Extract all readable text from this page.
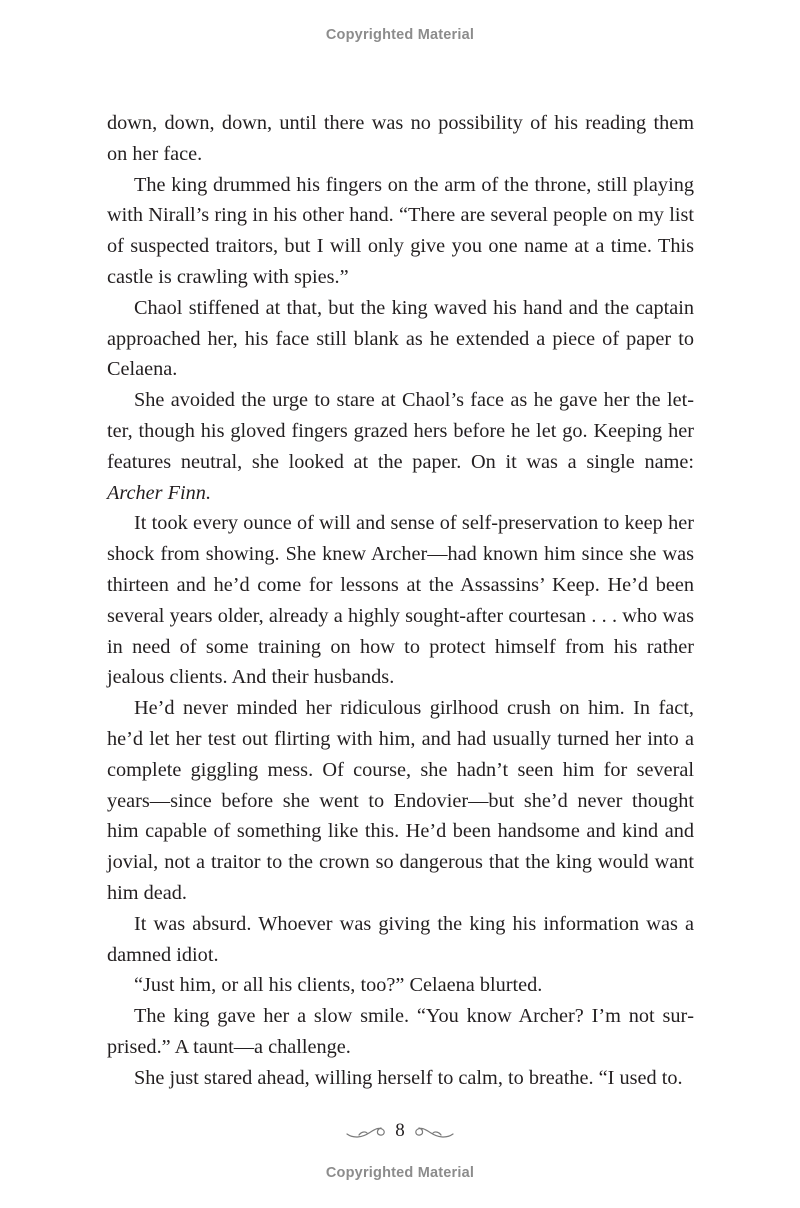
Copyrighted Material

down, down, down, until there was no possibility of his reading them on her face.

The king drummed his fingers on the arm of the throne, still playing with Nirall’s ring in his other hand. “There are several people on my list of suspected traitors, but I will only give you one name at a time. This castle is crawling with spies.”

Chaol stiffened at that, but the king waved his hand and the captain approached her, his face still blank as he extended a piece of paper to Celaena.

She avoided the urge to stare at Chaol’s face as he gave her the letter, though his gloved fingers grazed hers before he let go. Keeping her features neutral, she looked at the paper. On it was a single name: Archer Finn.

It took every ounce of will and sense of self-preservation to keep her shock from showing. She knew Archer—had known him since she was thirteen and he’d come for lessons at the Assassins’ Keep. He’d been several years older, already a highly sought-after courtesan . . . who was in need of some training on how to protect himself from his rather jealous clients. And their husbands.

He’d never minded her ridiculous girlhood crush on him. In fact, he’d let her test out flirting with him, and had usually turned her into a complete giggling mess. Of course, she hadn’t seen him for several years—since before she went to Endovier—but she’d never thought him capable of something like this. He’d been handsome and kind and jovial, not a traitor to the crown so dangerous that the king would want him dead.

It was absurd. Whoever was giving the king his information was a damned idiot.

“Just him, or all his clients, too?” Celaena blurted.

The king gave her a slow smile. “You know Archer? I’m not surprised.” A taunt—a challenge.

She just stared ahead, willing herself to calm, to breathe. “I used to.

8
Copyrighted Material
